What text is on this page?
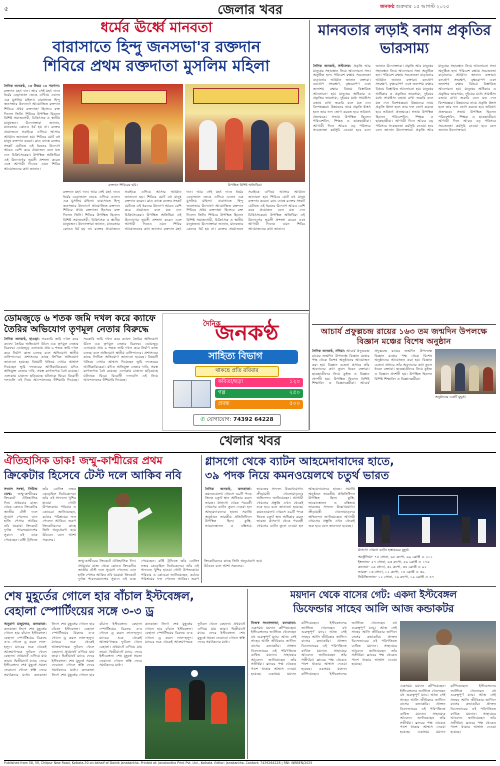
৫	জেলার খবর	জনকণ্ঠ শুক্রবার ১৫ আগস্ট ২০২৫
ধর্মের ঊর্ধ্বে মানবতা
বারাসাতে হিন্দু জনসভা'র রক্তদান
শিবিরে প্রথম রক্তদাতা মুসলিম মহিলা
দৈনিক জনকণ্ঠ, ২৩ উত্তর ২৪ পরগনা: রক্তদান মহৎ দান। আর সেই মহৎ দানে ধর্মের বেড়াজাল ভেঙে এগিয়ে এলেন এক মুসলিম মহিলা। বারাসাতে হিন্দু জনসভার উদ্যোগে আয়োজিত রক্তদান শিবিরে প্রথম রক্তদাতা হিসেবে রক্ত দিলেন তিনি। শিবিরে উপস্থিত ছিলেন বিশিষ্ট সমাজসেবী, চিকিৎসক ও স্থানীয় মানুষজন। উদ্যোক্তারা জানান, মানবতার কোনও ধর্ম হয় না। রক্তের প্রয়োজনে সবাইকে এগিয়ে আসার আহ্বান জানানো হয়। শিবিরে মোট বহু মানুষ রক্তদান করেন। ব্লাড ব্যাঙ্কে রক্তের সংকট মেটাতে এই ধরনের উদ্যোগ আরও বেশি করে প্রয়োজন বলে মত দেন চিকিৎসকেরা। উপস্থিত অতিথিরা এই উদ্যোগের ভূয়সী প্রশংসা করেন এবং আগামী দিনেও এমন শিবির আয়োজনের কথা জানান।
রক্তদান শিবিরের ছবি।	উপস্থিত বিশিষ্ট অতিথিরা।
রক্তদান মহৎ দান। আর সেই মহৎ দানে ধর্মের বেড়াজাল ভেঙে এগিয়ে এলেন এক মুসলিম মহিলা। বারাসাতে হিন্দু জনসভার উদ্যোগে আয়োজিত রক্তদান শিবিরে প্রথম রক্তদাতা হিসেবে রক্ত দিলেন তিনি। শিবিরে উপস্থিত ছিলেন বিশিষ্ট সমাজসেবী, চিকিৎসক ও স্থানীয় মানুষজন। উদ্যোক্তারা জানান, মানবতার কোনও ধর্ম হয় না। রক্তের প্রয়োজনে সবাইকে এগিয়ে আসার আহ্বান জানানো হয়। শিবিরে মোট বহু মানুষ রক্তদান করেন। ব্লাড ব্যাঙ্কে রক্তের সংকট মেটাতে এই ধরনের উদ্যোগ আরও বেশি করে প্রয়োজন বলে মত দেন চিকিৎসকেরা। উপস্থিত অতিথিরা এই উদ্যোগের ভূয়সী প্রশংসা করেন এবং আগামী দিনেও এমন শিবির আয়োজনের কথা জানান। রক্তদান মহৎ দান। আর সেই মহৎ দানে ধর্মের বেড়াজাল ভেঙে এগিয়ে এলেন এক মুসলিম মহিলা। বারাসাতে হিন্দু জনসভার উদ্যোগে আয়োজিত রক্তদান শিবিরে প্রথম রক্তদাতা হিসেবে রক্ত দিলেন তিনি। শিবিরে উপস্থিত ছিলেন বিশিষ্ট সমাজসেবী, চিকিৎসক ও স্থানীয় মানুষজন। উদ্যোক্তারা জানান, মানবতার কোনও ধর্ম হয় না। রক্তের প্রয়োজনে সবাইকে এগিয়ে আসার আহ্বান জানানো হয়। শিবিরে মোট বহু মানুষ রক্তদান করেন। ব্লাড ব্যাঙ্কে রক্তের সংকট মেটাতে এই ধরনের উদ্যোগ আরও বেশি করে প্রয়োজন বলে মত দেন চিকিৎসকেরা। উপস্থিত অতিথিরা এই উদ্যোগের ভূয়সী প্রশংসা করেন এবং আগামী দিনেও এমন শিবির আয়োজনের কথা জানান।
মানবতার লড়াই বনাম প্রকৃতির ভারসাম্য
দৈনিক জনকণ্ঠ, সল্টলেক: প্রকৃতি আর মানুষের সহাবস্থান নিয়ে আলোচনা সভা অনুষ্ঠিত হল। পরিবেশ রক্ষায় সচেতনতা বাড়ানোর আহ্বান জানান বক্তারা। বন্যপ্রাণ সংরক্ষণ, বৃক্ষরোপণ এবং জলাশয় রক্ষার বিষয়ে বিস্তারিত আলোচনা হয়। মানুষের অধিকার ও প্রকৃতির ভারসাম্য, দুইয়ের মধ্যে সামঞ্জস্য বজায় রাখা জরুরি বলে মত দেন বিশেষজ্ঞরা। উন্নয়নের নামে প্রকৃতি ধ্বংস হলে তার ফল ভোগ করতে হবে ভবিষ্যৎ প্রজন্মকে। সভায় উপস্থিত ছিলেন পরিবেশবিদ, শিক্ষক ও ছাত্রছাত্রীরা। আগামী দিনে আরও বড় পরিসরে সচেতনতা কর্মসূচি নেওয়া হবে বলে জানান উদ্যোক্তারা। প্রকৃতি আর মানুষের সহাবস্থান নিয়ে আলোচনা সভা অনুষ্ঠিত হল। পরিবেশ রক্ষায় সচেতনতা বাড়ানোর আহ্বান জানান বক্তারা। বন্যপ্রাণ সংরক্ষণ, বৃক্ষরোপণ এবং জলাশয় রক্ষার বিষয়ে বিস্তারিত আলোচনা হয়। মানুষের অধিকার ও প্রকৃতির ভারসাম্য, দুইয়ের মধ্যে সামঞ্জস্য বজায় রাখা জরুরি বলে মত দেন বিশেষজ্ঞরা। উন্নয়নের নামে প্রকৃতি ধ্বংস হলে তার ফল ভোগ করতে হবে ভবিষ্যৎ প্রজন্মকে। সভায় উপস্থিত ছিলেন পরিবেশবিদ, শিক্ষক ও ছাত্রছাত্রীরা। আগামী দিনে আরও বড় পরিসরে সচেতনতা কর্মসূচি নেওয়া হবে বলে জানান উদ্যোক্তারা। প্রকৃতি আর মানুষের সহাবস্থান নিয়ে আলোচনা সভা অনুষ্ঠিত হল। পরিবেশ রক্ষায় সচেতনতা বাড়ানোর আহ্বান জানান বক্তারা। বন্যপ্রাণ সংরক্ষণ, বৃক্ষরোপণ এবং জলাশয় রক্ষার বিষয়ে বিস্তারিত আলোচনা হয়। মানুষের অধিকার ও প্রকৃতির ভারসাম্য, দুইয়ের মধ্যে সামঞ্জস্য বজায় রাখা জরুরি বলে মত দেন বিশেষজ্ঞরা। উন্নয়নের নামে প্রকৃতি ধ্বংস হলে তার ফল ভোগ করতে হবে ভবিষ্যৎ প্রজন্মকে। সভায় উপস্থিত ছিলেন পরিবেশবিদ, শিক্ষক ও ছাত্রছাত্রীরা। আগামী দিনে আরও বড় পরিসরে সচেতনতা কর্মসূচি নেওয়া হবে বলে জানান উদ্যোক্তারা।
ডোমজুড়ে ৬ শতক জমি দখল করে ক্যাফে তৈরির অভিযোগ তৃণমূল নেতার বিরুদ্ধে
দৈনিক জনকণ্ঠ, হাওড়া: সরকারি জমি দখল করে ক্যাফে তৈরির অভিযোগ উঠল এক তৃণমূল নেতার বিরুদ্ধে। ডোমজুড় এলাকায় প্রায় ৬ শতক জমি দখল করে নির্মাণ কাজ চলছে বলে অভিযোগ স্থানীয় বাসিন্দাদের। প্রশাসনের কাছে লিখিত অভিযোগ জানানো হয়েছে। বিষয়টি খতিয়ে দেখার আশ্বাস দিয়েছেন ভূমি দফতরের আধিকারিকেরা। যদিও অভিযুক্ত নেতার দাবি, সমস্ত কাগজপত্র বৈধ রয়েছে। এলাকায় চাঞ্চল্য ছড়িয়েছে ঘটনাকে ঘিরে। বিরোধী দলগুলি এই নিয়ে আন্দোলনের হুঁশিয়ারি দিয়েছে। সরকারি জমি দখল করে ক্যাফে তৈরির অভিযোগ উঠল এক তৃণমূল নেতার বিরুদ্ধে। ডোমজুড় এলাকায় প্রায় ৬ শতক জমি দখল করে নির্মাণ কাজ চলছে বলে অভিযোগ স্থানীয় বাসিন্দাদের। প্রশাসনের কাছে লিখিত অভিযোগ জানানো হয়েছে। বিষয়টি খতিয়ে দেখার আশ্বাস দিয়েছেন ভূমি দফতরের আধিকারিকেরা। যদিও অভিযুক্ত নেতার দাবি, সমস্ত কাগজপত্র বৈধ রয়েছে। এলাকায় চাঞ্চল্য ছড়িয়েছে ঘটনাকে ঘিরে। বিরোধী দলগুলি এই নিয়ে আন্দোলনের হুঁশিয়ারি দিয়েছে।
দৈনিক
জনকণ্ঠ
সাহিত্য বিভাগ
থাকছে প্রতি রবিবার
কবিতা/ছড়া	১২০
গল্প	২৫০
প্রবন্ধ	৫০০
✆ যোগাযোগ: 74392 64228
আচার্য প্রফুল্লচন্দ্র রায়ের ১৬৩ তম জন্মদিন উপলক্ষে বিজ্ঞান মঞ্চের বিশেষ অনুষ্ঠান
দৈনিক জনকণ্ঠ, নদিয়া: আচার্য প্রফুল্লচন্দ্র রায়ের জন্মদিন উপলক্ষে বিজ্ঞান মঞ্চের পক্ষ থেকে বিশেষ অনুষ্ঠানের আয়োজন করা হয়। বিজ্ঞান চেতনা প্রসারে তাঁর অবদানের কথা তুলে ধরেন বক্তারা। ছাত্রছাত্রীদের নিয়ে কুইজ ও বিজ্ঞান প্রদর্শনী হয়। উপস্থিত ছিলেন বিশিষ্ট শিক্ষাবিদ ও বিজ্ঞানকর্মীরা। আচার্য প্রফুল্লচন্দ্র রায়ের জন্মদিন উপলক্ষে বিজ্ঞান মঞ্চের পক্ষ থেকে বিশেষ অনুষ্ঠানের আয়োজন করা হয়। বিজ্ঞান চেতনা প্রসারে তাঁর অবদানের কথা তুলে ধরেন বক্তারা। ছাত্রছাত্রীদের নিয়ে কুইজ ও বিজ্ঞান প্রদর্শনী হয়। উপস্থিত ছিলেন বিশিষ্ট শিক্ষাবিদ ও বিজ্ঞানকর্মীরা।
অনুষ্ঠানের একটি মুহূর্ত।
খেলার খবর
ঐতিহাসিক ডাক! জম্মু-কাশ্মীরের প্রথম
ক্রিকেটার হিসেবে টেস্ট দলে আকিব নবি
সংবাদ সংস্থা, নিউজ ডেস্ক: জম্মু-কাশ্মীরের ক্রিকেটে ঐতিহাসিক দিন। প্রথমবার রাজ্য থেকে কোনও ক্রিকেটার জাতীয় টেস্ট দলে সুযোগ পেলেন। ডান হাতি পেসার আকিব নবি ঘরোয়া ক্রিকেটে দুর্দান্ত পারফরম্যান্সের সুবাদে এই ডাক পেয়েছেন। রঞ্জি ট্রফিতে তাঁর বোলিং নজর কেড়েছিল নির্বাচকদের। তাঁর এই সাফল্যে খুশির হাওয়া গোটা উপত্যকায়। পরিবার ও কোচেরা জানিয়েছেন, কঠোর পরিশ্রমের ফল পেলেন আকিব। তরুণ ক্রিকেটারদের কাছে তিনি অনুপ্রেরণা হয়ে উঠবেন বলে আশা সকলের।
জম্মু-কাশ্মীরের ক্রিকেটে ঐতিহাসিক দিন। প্রথমবার রাজ্য থেকে কোনও ক্রিকেটার জাতীয় টেস্ট দলে সুযোগ পেলেন। ডান হাতি পেসার আকিব নবি ঘরোয়া ক্রিকেটে দুর্দান্ত পারফরম্যান্সের সুবাদে এই ডাক পেয়েছেন। রঞ্জি ট্রফিতে তাঁর বোলিং নজর কেড়েছিল নির্বাচকদের। তাঁর এই সাফল্যে খুশির হাওয়া গোটা উপত্যকায়। পরিবার ও কোচেরা জানিয়েছেন, কঠোর পরিশ্রমের ফল পেলেন আকিব। তরুণ ক্রিকেটারদের কাছে তিনি অনুপ্রেরণা হয়ে উঠবেন বলে আশা সকলের।
গ্লাসগো থেকে ব্যাটন আহমেদাবাদের হাতে,
৩৯ পদক নিয়ে কমনওয়েলথে চতুর্থ ভারত
দৈনিক জনকণ্ঠ, কলকাতা: কমনওয়েলথ গেমসে ৩৯টি পদক জিতে চতুর্থ স্থান অধিকার করল ভারত। গ্লাসগো থেকে পরবর্তী গেমসের ব্যাটন তুলে দেওয়া হল আহমেদাবাদের হাতে। সমাপ্তি অনুষ্ঠানে ভারতীয় প্রতিনিধিদল উপস্থিত ছিল। কুস্তি, ভারোত্তোলন ও বক্সিংয়ে ভারতের সাফল্য উল্লেখযোগ্য। ক্রীড়ামন্ত্রী খেলোয়াড়দের অভিনন্দন জানিয়েছেন। আগামী গেমসের প্রস্তুতি এখন থেকেই শুরু হবে বলে জানানো হয়েছে। কমনওয়েলথ গেমসে ৩৯টি পদক জিতে চতুর্থ স্থান অধিকার করল ভারত। গ্লাসগো থেকে পরবর্তী গেমসের ব্যাটন তুলে দেওয়া হল আহমেদাবাদের হাতে। সমাপ্তি অনুষ্ঠানে ভারতীয় প্রতিনিধিদল উপস্থিত ছিল। কুস্তি, ভারোত্তোলন ও বক্সিংয়ে ভারতের সাফল্য উল্লেখযোগ্য। ক্রীড়ামন্ত্রী খেলোয়াড়দের অভিনন্দন জানিয়েছেন। আগামী গেমসের প্রস্তুতি এখন থেকেই শুরু হবে বলে জানানো হয়েছে।
গ্লাসগো গেমসে ব্যাটন হস্তান্তরের মুহূর্ত।
অস্ট্রেলিয়া- ৭৪ সোনা, ৬৮ রুপো, ৬৯ ব্রোঞ্জ = ২১১
ইংল্যান্ড- ৫৭ সোনা, ৬৩ রুপো, ৫৬ ব্রোঞ্জ = ১৭৬
কানাডা- ২৬ সোনা, ৩২ রুপো, ৩৪ ব্রোঞ্জ = ৯২
ভারত- ১৩ সোনা, ১২ রুপো, ১৪ ব্রোঞ্জ = ৩৯
নিউজিল্যান্ড- ১২ সোনা, ১৬ রুপো, ১৯ ব্রোঞ্জ = ৪৭
শেষ মুহূর্তের গোলে হার বাঁচাল ইস্টবেঙ্গল,
বেহালা স্পোর্টিংয়ের সঙ্গে ৩-৩ ড্র
অনুরাগ মজুমদার, কলকাতা: কলকাতা লিগে শেষ মুহূর্তের গোলে হার বাঁচাল ইস্টবেঙ্গল। বেহালা স্পোর্টিংয়ের বিরুদ্ধে ৩-৩ গোলে ড্র করল লাল-হলুদ। ম্যাচের শুরু থেকেই আক্রমণাত্মক ফুটবল খেলে বেহালা। প্রথমার্ধে এগিয়ে যায় তারা। দ্বিতীয়ার্ধে ম্যাচে ফেরে ইস্টবেঙ্গল। শেষ মুহূর্তে সমতা ফেরানো গোলে স্বস্তি ফেরে সমর্থকদের মধ্যে। কলকাতা লিগে শেষ মুহূর্তের গোলে হার বাঁচাল ইস্টবেঙ্গল। বেহালা স্পোর্টিংয়ের বিরুদ্ধে ৩-৩ গোলে ড্র করল লাল-হলুদ। ম্যাচের শুরু থেকেই আক্রমণাত্মক ফুটবল খেলে বেহালা। প্রথমার্ধে এগিয়ে যায় তারা। দ্বিতীয়ার্ধে ম্যাচে ফেরে ইস্টবেঙ্গল। শেষ মুহূর্তে সমতা ফেরানো গোলে স্বস্তি ফেরে সমর্থকদের মধ্যে। কলকাতা লিগে শেষ মুহূর্তের গোলে হার বাঁচাল ইস্টবেঙ্গল। বেহালা স্পোর্টিংয়ের বিরুদ্ধে ৩-৩ গোলে ড্র করল লাল-হলুদ। ম্যাচের শুরু থেকেই আক্রমণাত্মক ফুটবল খেলে বেহালা। প্রথমার্ধে এগিয়ে যায় তারা। দ্বিতীয়ার্ধে ম্যাচে ফেরে ইস্টবেঙ্গল। শেষ মুহূর্তে সমতা ফেরানো গোলে স্বস্তি ফেরে সমর্থকদের মধ্যে।
কলকাতা লিগে শেষ মুহূর্তের গোলে হার বাঁচাল ইস্টবেঙ্গল। বেহালা স্পোর্টিংয়ের বিরুদ্ধে ৩-৩ গোলে ড্র করল লাল-হলুদ। ম্যাচের শুরু থেকেই আক্রমণাত্মক ফুটবল খেলে বেহালা। প্রথমার্ধে এগিয়ে যায় তারা। দ্বিতীয়ার্ধে ম্যাচে ফেরে ইস্টবেঙ্গল। শেষ মুহূর্তে সমতা ফেরানো গোলে স্বস্তি ফেরে সমর্থকদের মধ্যে।
ময়দান থেকে বাসের গেট: একদা ইস্টবেঙ্গল
ডিফেন্ডার সাহেব আলি আজ কন্ডাকটর
নিজস্ব সংবাদদাতা, কলকাতা: একসময় ময়দান কাঁপিয়েছেন। ইস্টবেঙ্গলের জার্সিতে খেলেছেন বহু গুরুত্বপূর্ণ ম্যাচ। আজ সেই সাহেব আলি জীবিকার তাগিদে বাসের কন্ডাকটর। প্রাক্তন ডিফেন্ডারের এই পরিণতিতে ব্যথিত ময়দান। সাহায্যের আবেদন জানিয়েছেন তাঁর সতীর্থরা। ক্লাবের পক্ষ থেকেও পাশে থাকার আশ্বাস দেওয়া হয়েছে। একসময় ময়দান কাঁপিয়েছেন। ইস্টবেঙ্গলের জার্সিতে খেলেছেন বহু গুরুত্বপূর্ণ ম্যাচ। আজ সেই সাহেব আলি জীবিকার তাগিদে বাসের কন্ডাকটর। প্রাক্তন ডিফেন্ডারের এই পরিণতিতে ব্যথিত ময়দান। সাহায্যের আবেদন জানিয়েছেন তাঁর সতীর্থরা। ক্লাবের পক্ষ থেকেও পাশে থাকার আশ্বাস দেওয়া হয়েছে। একসময় ময়দান কাঁপিয়েছেন। ইস্টবেঙ্গলের জার্সিতে খেলেছেন বহু গুরুত্বপূর্ণ ম্যাচ। আজ সেই সাহেব আলি জীবিকার তাগিদে বাসের কন্ডাকটর। প্রাক্তন ডিফেন্ডারের এই পরিণতিতে ব্যথিত ময়দান। সাহায্যের আবেদন জানিয়েছেন তাঁর সতীর্থরা। ক্লাবের পক্ষ থেকেও পাশে থাকার আশ্বাস দেওয়া হয়েছে।
একসময় ময়দান কাঁপিয়েছেন। ইস্টবেঙ্গলের জার্সিতে খেলেছেন বহু গুরুত্বপূর্ণ ম্যাচ। আজ সেই সাহেব আলি জীবিকার তাগিদে বাসের কন্ডাকটর। প্রাক্তন ডিফেন্ডারের এই পরিণতিতে ব্যথিত ময়দান। সাহায্যের আবেদন জানিয়েছেন তাঁর সতীর্থরা। ক্লাবের পক্ষ থেকেও পাশে থাকার আশ্বাস দেওয়া হয়েছে। একসময় ময়দান কাঁপিয়েছেন। ইস্টবেঙ্গলের জার্সিতে খেলেছেন বহু গুরুত্বপূর্ণ ম্যাচ। আজ সেই সাহেব আলি জীবিকার তাগিদে বাসের কন্ডাকটর। প্রাক্তন ডিফেন্ডারের এই পরিণতিতে ব্যথিত ময়দান। সাহায্যের আবেদন জানিয়েছেন তাঁর সতীর্থরা। ক্লাবের পক্ষ থেকেও পাশে থাকার আশ্বাস দেওয়া হয়েছে।
Published from 58, 59, Chitpur New Road, Kolkata-30 on behalf of Dainik Janakantha. Printed at: Janakantha Print Pvt. Ltd., Kolkata. Editor: Janakantha. Contact: 7439264228 | RNI: WBBEN/2025
